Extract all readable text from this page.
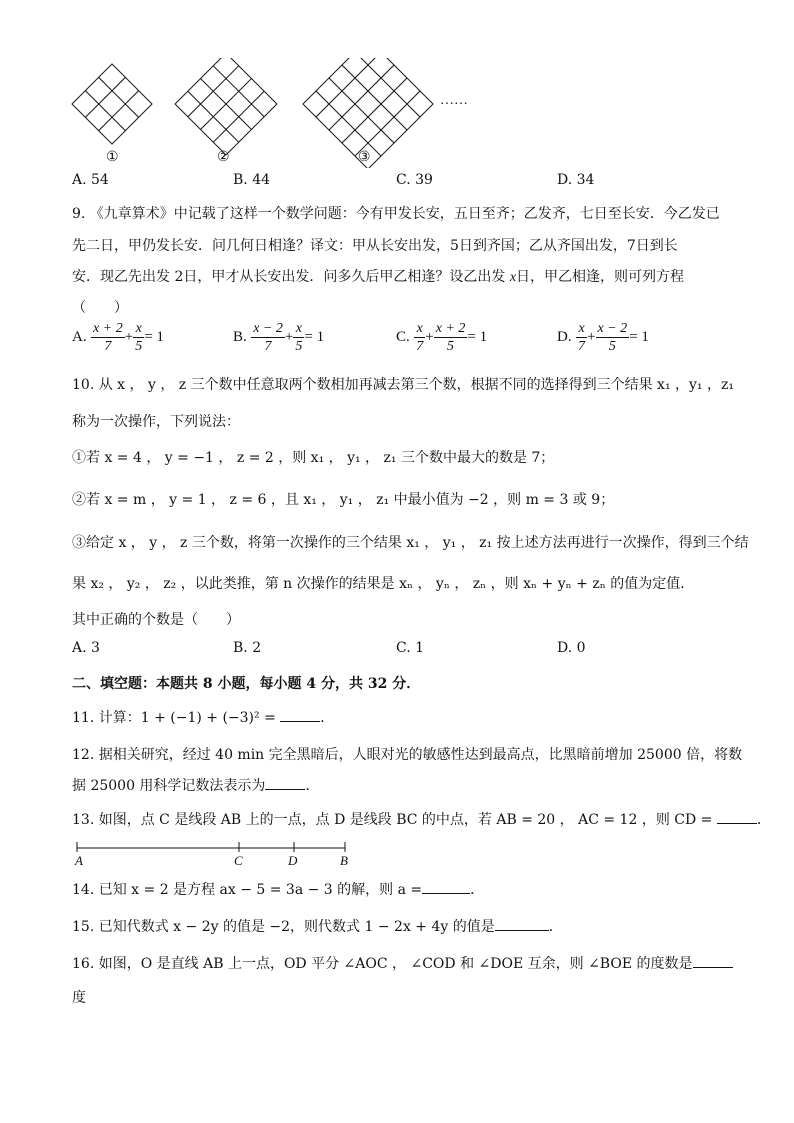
①	②	③
……
A. 54	B. 44	C. 39	D. 34
9. 《九章算术》中记载了这样一个数学问题：今有甲发长安，五日至齐；乙发齐，七日至长安．今乙发已
先二日，甲仍发长安．问几何日相逢？译文：甲从长安出发，5日到齐国；乙从齐国出发，7日到长
安．现乙先出发 2日，甲才从长安出发．问多久后甲乙相逢？设乙出发 x日，甲乙相逢，则可列方程
（　　）
A. $\frac{x + 2}{7} + \frac{x}{5} = 1$	B. $\frac{x - 2}{7} + \frac{x}{5} = 1$	C. $\frac{x}{7} + \frac{x + 2}{5} = 1$	D. $\frac{x}{7} + \frac{x - 2}{5} = 1$
10. 从 x ， y ， z 三个数中任意取两个数相加再减去第三个数，根据不同的选择得到三个结果 x₁ ，y₁ ，z₁
称为一次操作，下列说法：
①若 x = 4 ， y = −1 ， z = 2 ，则 x₁ ， y₁ ， z₁ 三个数中最大的数是 7；
②若 x = m ， y = 1 ， z = 6 ，且 x₁ ， y₁ ， z₁ 中最小值为 −2 ，则 m = 3 或 9；
③给定 x ， y ， z 三个数，将第一次操作的三个结果 x₁ ， y₁ ， z₁ 按上述方法再进行一次操作，得到三个结
果 x₂ ， y₂ ， z₂ ，以此类推，第 n 次操作的结果是 xₙ ， yₙ ， zₙ ，则 xₙ + yₙ + zₙ 的值为定值．
其中正确的个数是（　　）
A. 3	B. 2	C. 1	D. 0
二、填空题：本题共 8 小题，每小题 4 分，共 32 分．
11. 计算：1 + (−1) + (−3)² =	．
12. 据相关研究，经过 40 min 完全黑暗后，人眼对光的敏感性达到最高点，比黑暗前增加 25000 倍，将数
据 25000 用科学记数法表示为	．
13. 如图，点 C 是线段 AB 上的一点，点 D 是线段 BC 的中点，若 AB = 20 ， AC = 12 ，则 CD =	．
A	C	D	B
14. 已知 x = 2 是方程 ax − 5 = 3a − 3 的解，则 a =	．
15. 已知代数式 x − 2y 的值是 −2，则代数式 1 − 2x + 4y 的值是	．
16. 如图，O 是直线 AB 上一点，OD 平分 ∠AOC ， ∠COD 和 ∠DOE 互余，则 ∠BOE 的度数是
度
